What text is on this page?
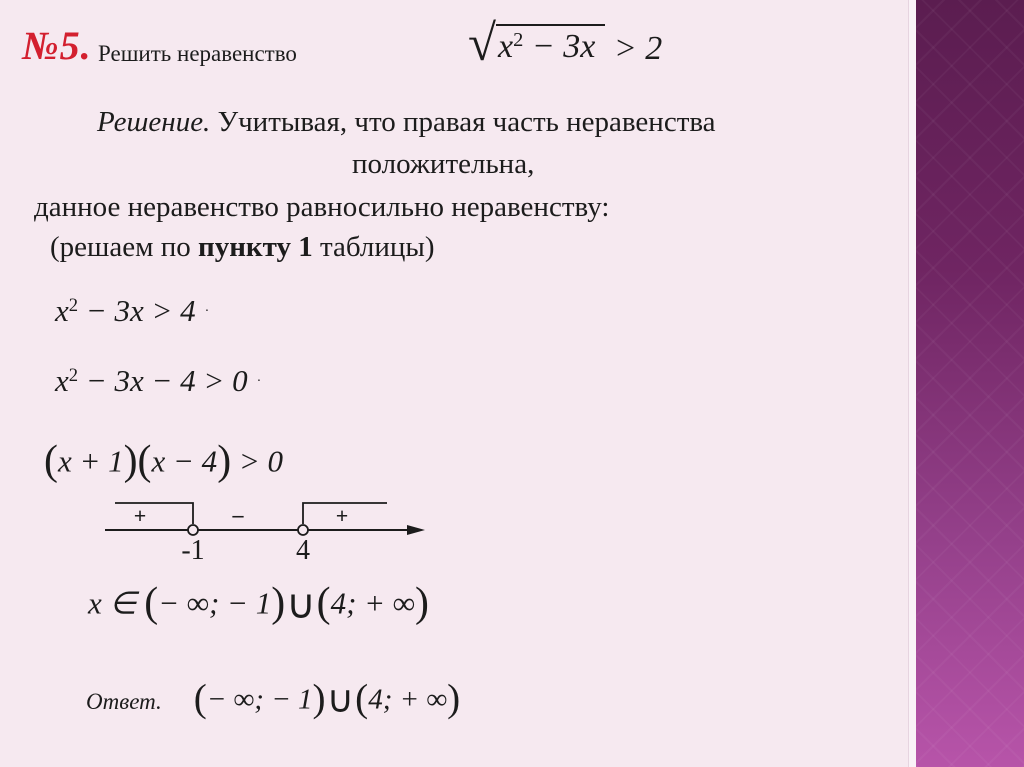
№5. Решить неравенство	√ $x^2 - 3x > 2$
Решение. Учитывая, что правая часть неравенства
положительна,
данное неравенство равносильно неравенству:
(решаем по пункту 1 таблицы)
$x^2 - 3x > 4$ ·
$x^2 - 3x - 4 > 0$ ·
(x + 1)(x − 4) > 0
+	–	+
-1	4
x ∈ (− ∞; − 1)∪(4; + ∞)
Ответ. (− ∞; − 1)∪(4; + ∞)
